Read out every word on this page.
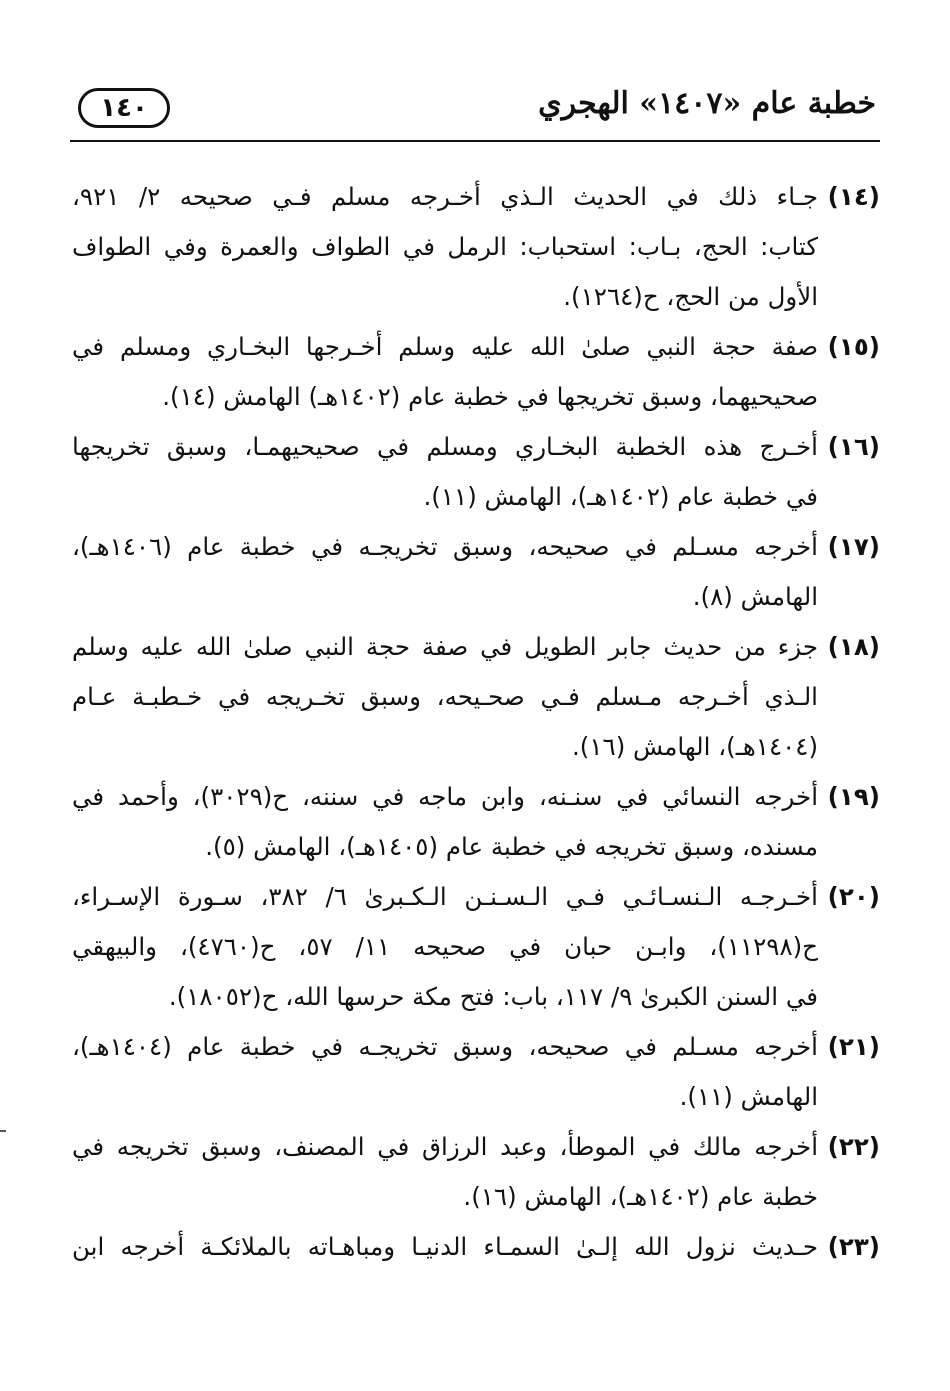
خطبة عام «١٤٠٧» الهجري
١٤٠
(١٤)
جـاء ذلك في الحديث الـذي أخـرجه مسلم فـي صحيحه ٢/ ٩٢١،
كتاب: الحج، بـاب: استحباب: الرمل في الطواف والعمرة وفي الطواف
الأول من الحج، ح(١٢٦٤).
(١٥)
صفة حجة النبي صلىٰ الله عليه وسلم أخـرجها البخـاري ومسلم في
صحيحيهما، وسبق تخريجها في خطبة عام (١٤٠٢هـ) الهامش (١٤).
(١٦)
أخـرج هذه الخطبة البخـاري ومسلم في صحيحيهمـا، وسبق تخريجها
في خطبة عام (١٤٠٢هـ)، الهامش (١١).
(١٧)
أخرجه مسـلم في صحيحه، وسبق تخريجـه في خطبة عام (١٤٠٦هـ)،
الهامش (٨).
(١٨)
جزء من حديث جابر الطويل في صفة حجة النبي صلىٰ الله عليه وسلم
الـذي أخـرجه مـسلم فـي صحـيحه، وسبق تخـريجه في خـطبـة عـام
(١٤٠٤هـ)، الهامش (١٦).
(١٩)
أخرجه النسائي في سنـنه، وابن ماجه في سننه، ح(٣٠٢٩)، وأحمد في
مسنده، وسبق تخريجه في خطبة عام (١٤٠٥هـ)، الهامش (٥).
(٢٠)
أخـرجـه الـنسـائـي فـي الـسـنـن الـكـبرىٰ ٦/ ٣٨٢، سـورة الإسـراء،
ح(١١٢٩٨)، وابـن حبان في صحيحه ١١/ ٥٧، ح(٤٧٦٠)، والبيهقي
في السنن الكبرىٰ ٩/ ١١٧، باب: فتح مكة حرسها الله، ح(١٨٠٥٢).
(٢١)
أخرجه مسـلم في صحيحه، وسبق تخريجـه في خطبة عام (١٤٠٤هـ)،
الهامش (١١).
(٢٢)
أخرجه مالك في الموطأ، وعبد الرزاق في المصنف، وسبق تخريجه في
خطبة عام (١٤٠٢هـ)، الهامش (١٦).
(٢٣)
حـديث نزول الله إلـىٰ السمـاء الدنيـا ومباهـاته بالملائكـة أخرجه ابن
